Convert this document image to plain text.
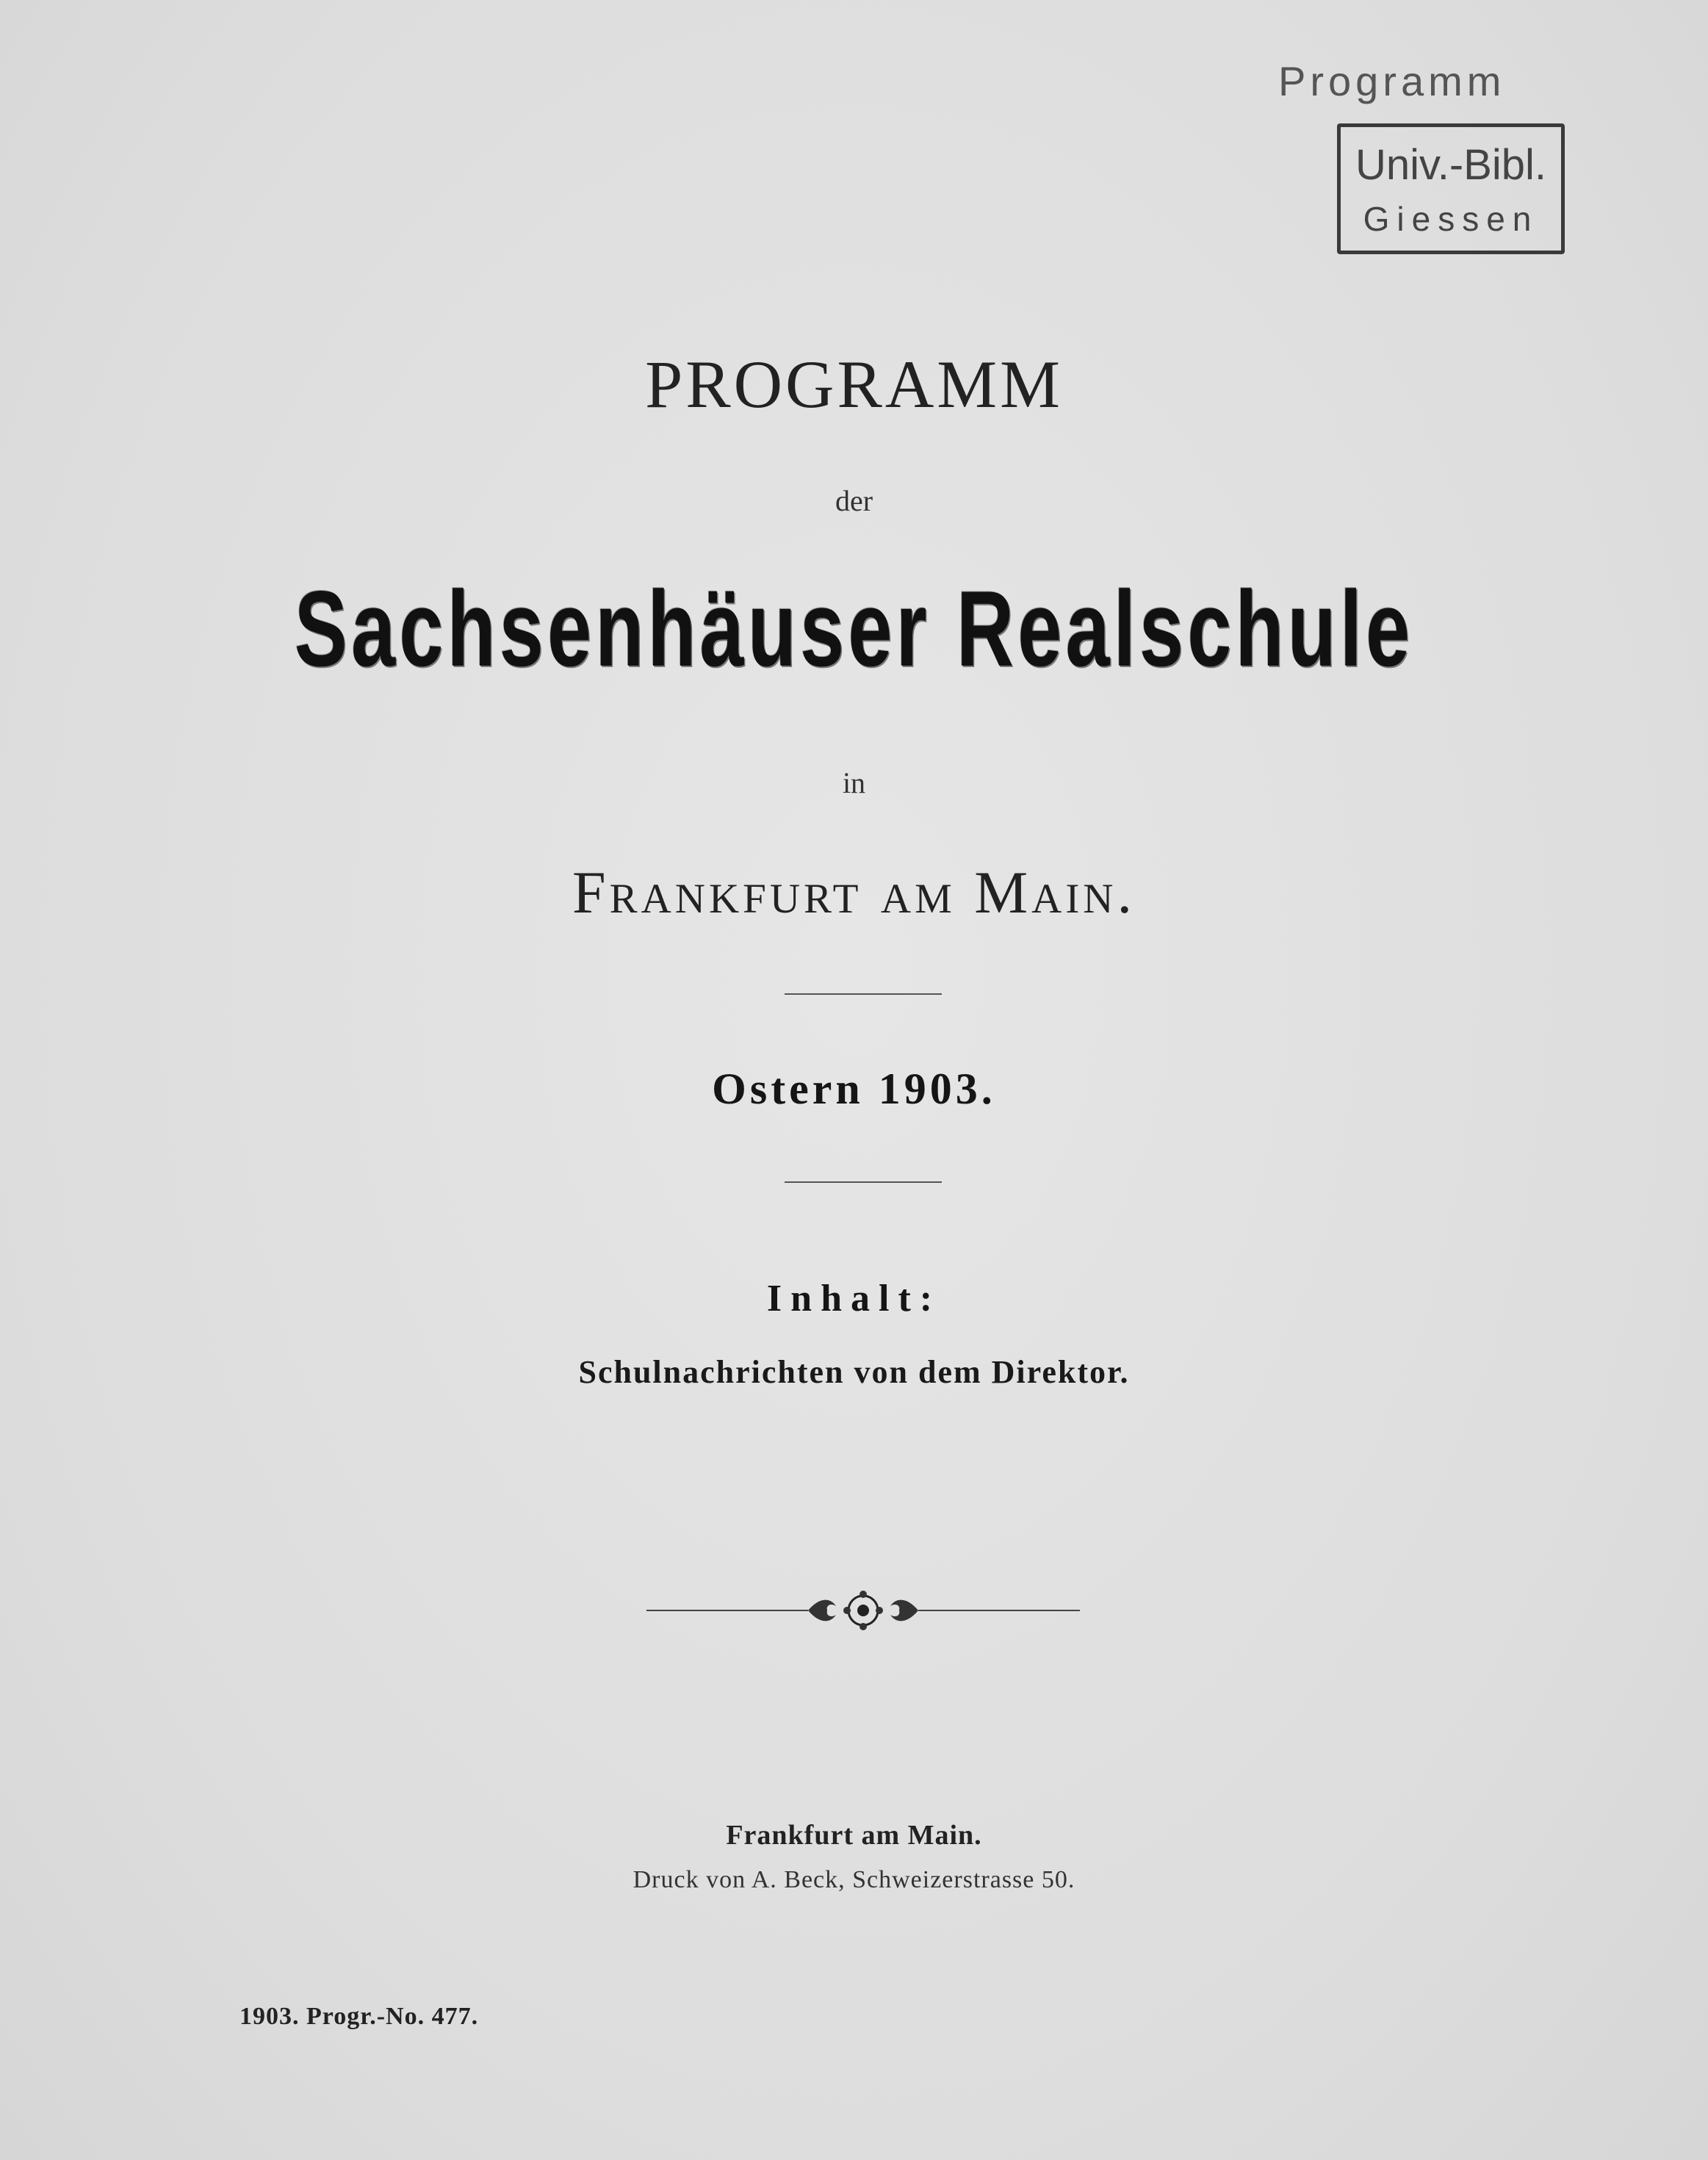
Programm
Univ.-Bibl.
Giessen
PROGRAMM
der
Sachsenhäuser Realschule
in
Frankfurt am Main.
Ostern 1903.
Inhalt:
Schulnachrichten von dem Direktor.
Frankfurt am Main.
Druck von A. Beck, Schweizerstrasse 50.
1903. Progr.-No. 477.
